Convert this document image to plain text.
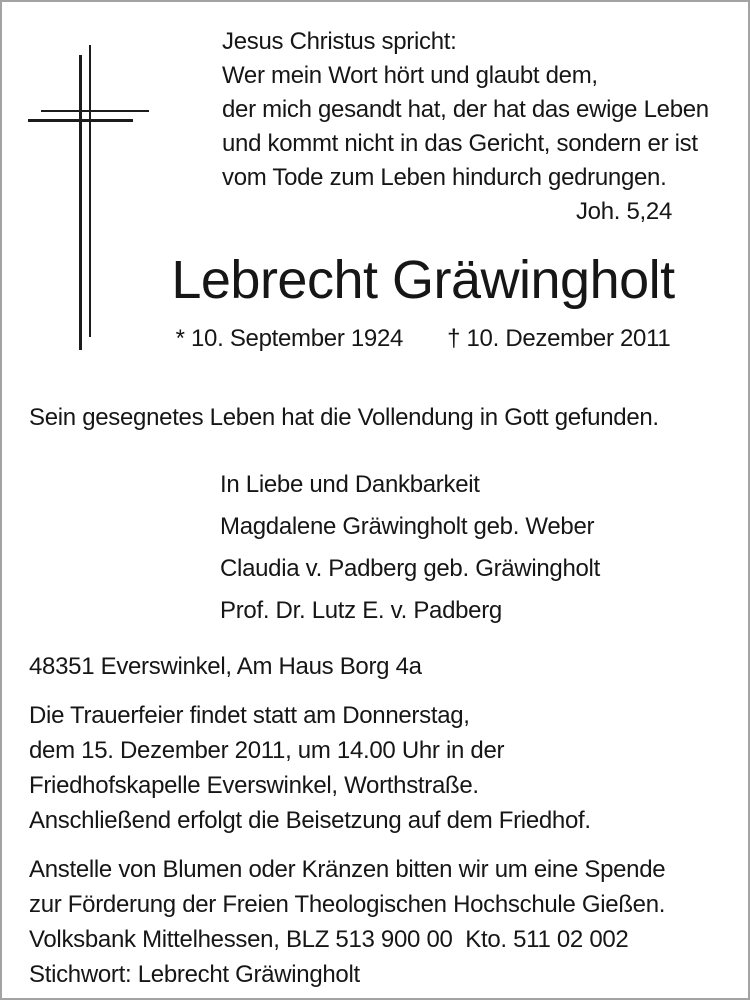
Jesus Christus spricht:
Wer mein Wort hört und glaubt dem,
der mich gesandt hat, der hat das ewige Leben
und kommt nicht in das Gericht, sondern er ist
vom Tode zum Leben hindurch gedrungen.
Joh. 5,24
Lebrecht Gräwingholt
* 10. September 1924 † 10. Dezember 2011
Sein gesegnetes Leben hat die Vollendung in Gott gefunden.
In Liebe und Dankbarkeit
Magdalene Gräwingholt geb. Weber
Claudia v. Padberg geb. Gräwingholt
Prof. Dr. Lutz E. v. Padberg
48351 Everswinkel, Am Haus Borg 4a
Die Trauerfeier findet statt am Donnerstag,
dem 15. Dezember 2011, um 14.00 Uhr in der
Friedhofskapelle Everswinkel, Worthstraße.
Anschließend erfolgt die Beisetzung auf dem Friedhof.
Anstelle von Blumen oder Kränzen bitten wir um eine Spende
zur Förderung der Freien Theologischen Hochschule Gießen.
Volksbank Mittelhessen, BLZ 513 900 00  Kto. 511 02 002
Stichwort: Lebrecht Gräwingholt
